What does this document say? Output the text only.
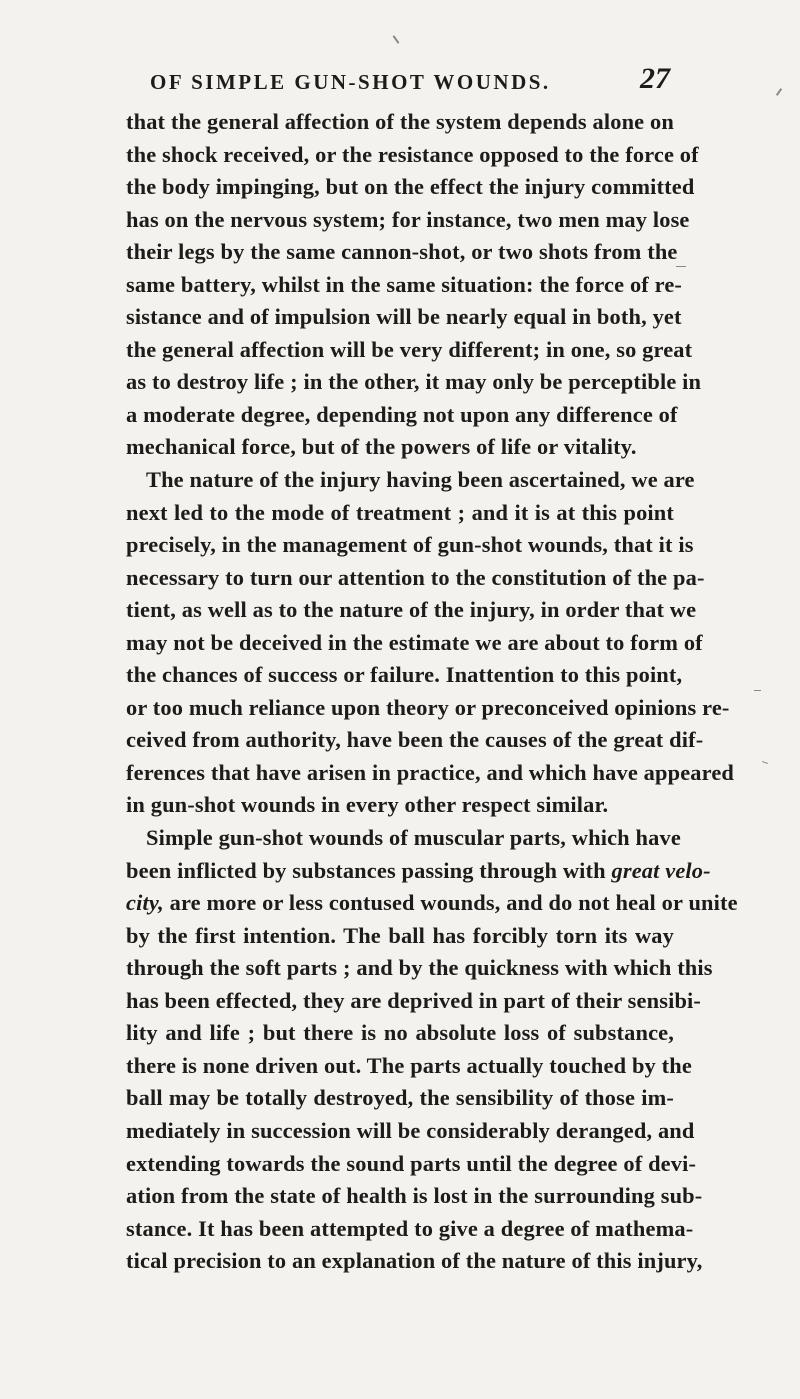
OF SIMPLE GUN-SHOT WOUNDS.	27
that the general affection of the system depends alone on
the shock received, or the resistance opposed to the force of
the body impinging, but on the effect the injury committed
has on the nervous system; for instance, two men may lose
their legs by the same cannon-shot, or two shots from the
same battery, whilst in the same situation: the force of re-
sistance and of impulsion will be nearly equal in both, yet
the general affection will be very different; in one, so great
as to destroy life ; in the other, it may only be perceptible in
a moderate degree, depending not upon any difference of
mechanical force, but of the powers of life or vitality.
The nature of the injury having been ascertained, we are
next led to the mode of treatment ; and it is at this point
precisely, in the management of gun-shot wounds, that it is
necessary to turn our attention to the constitution of the pa-
tient, as well as to the nature of the injury, in order that we
may not be deceived in the estimate we are about to form of
the chances of success or failure. Inattention to this point,
or too much reliance upon theory or preconceived opinions re-
ceived from authority, have been the causes of the great dif-
ferences that have arisen in practice, and which have appeared
in gun-shot wounds in every other respect similar.
Simple gun-shot wounds of muscular parts, which have
been inflicted by substances passing through with great velo-
city, are more or less contused wounds, and do not heal or unite
by the first intention. The ball has forcibly torn its way
through the soft parts ; and by the quickness with which this
has been effected, they are deprived in part of their sensibi-
lity and life ; but there is no absolute loss of substance,
there is none driven out. The parts actually touched by the
ball may be totally destroyed, the sensibility of those im-
mediately in succession will be considerably deranged, and
extending towards the sound parts until the degree of devi-
ation from the state of health is lost in the surrounding sub-
stance. It has been attempted to give a degree of mathema-
tical precision to an explanation of the nature of this injury,
